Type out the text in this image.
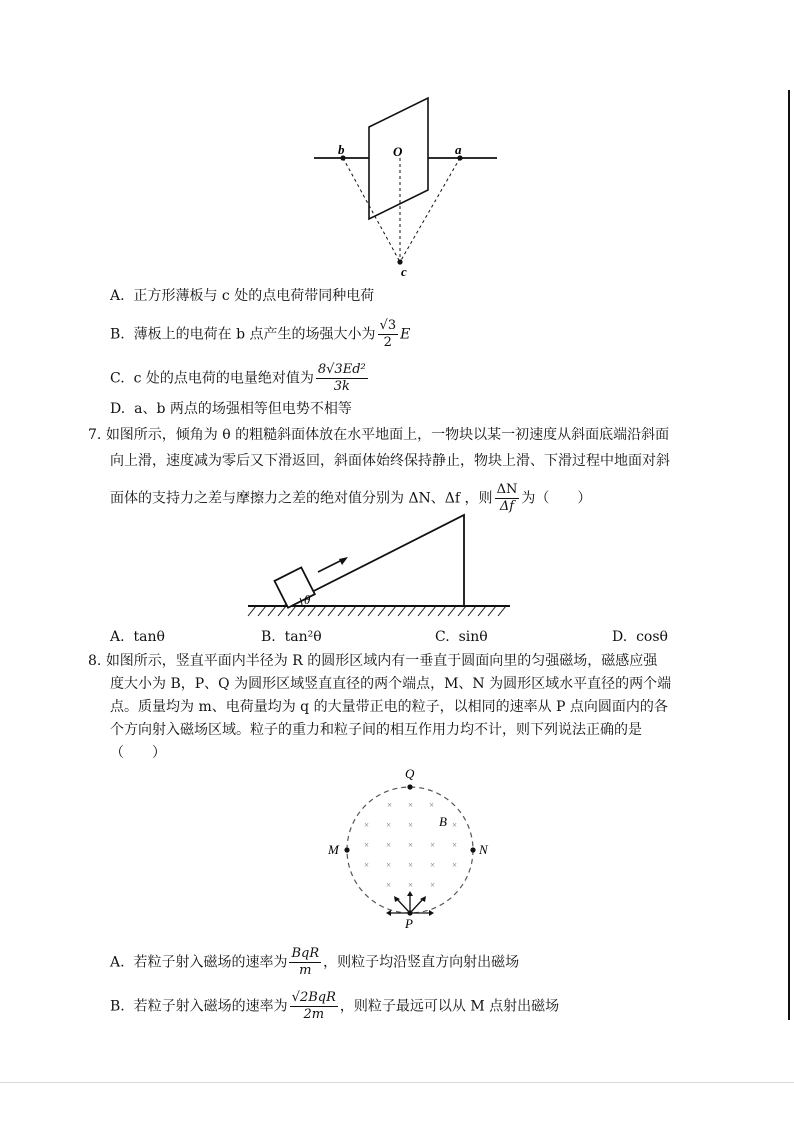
b	O	a
c
A. 正方形薄板与 c 处的点电荷带同种电荷
B. 薄板上的电荷在 b 点产生的场强大小为 $\frac{√3}{2}$ E
C. c 处的点电荷的电量绝对值为 $\frac{\text{8√3Ed²}}{3k}$
D. a、b 两点的场强相等但电势不相等
7. 如图所示，倾角为 θ 的粗糙斜面体放在水平地面上，一物块以某一初速度从斜面底端沿斜面
向上滑，速度减为零后又下滑返回，斜面体始终保持静止，物块上滑、下滑过程中地面对斜
面体的支持力之差与摩擦力之差的绝对值分别为 ΔN、Δf ，则 $\frac{\Delta N}{\Delta f}$ 为（　　）
θ
A. tanθ	B. tan²θ	C. sinθ	D. cosθ
8. 如图所示，竖直平面内半径为 R 的圆形区域内有一垂直于圆面向里的匀强磁场，磁感应强
度大小为 B，P、Q 为圆形区域竖直直径的两个端点，M、N 为圆形区域水平直径的两个端
点。质量均为 m、电荷量均为 q 的大量带正电的粒子，以相同的速率从 P 点向圆面内的各
个方向射入磁场区域。粒子的重力和粒子间的相互作用力均不计，则下列说法正确的是
（　　）
× × ×
× × ×	×
× × × × ×
× × × × ×
× × ×
Q
M	N
P
B
A. 若粒子射入磁场的速率为 $\frac{\text{BqR}}{m}$ ，则粒子均沿竖直方向射出磁场
B. 若粒子射入磁场的速率为 $\frac{\text{√2BqR}}{2m}$ ，则粒子最远可以从 M 点射出磁场
